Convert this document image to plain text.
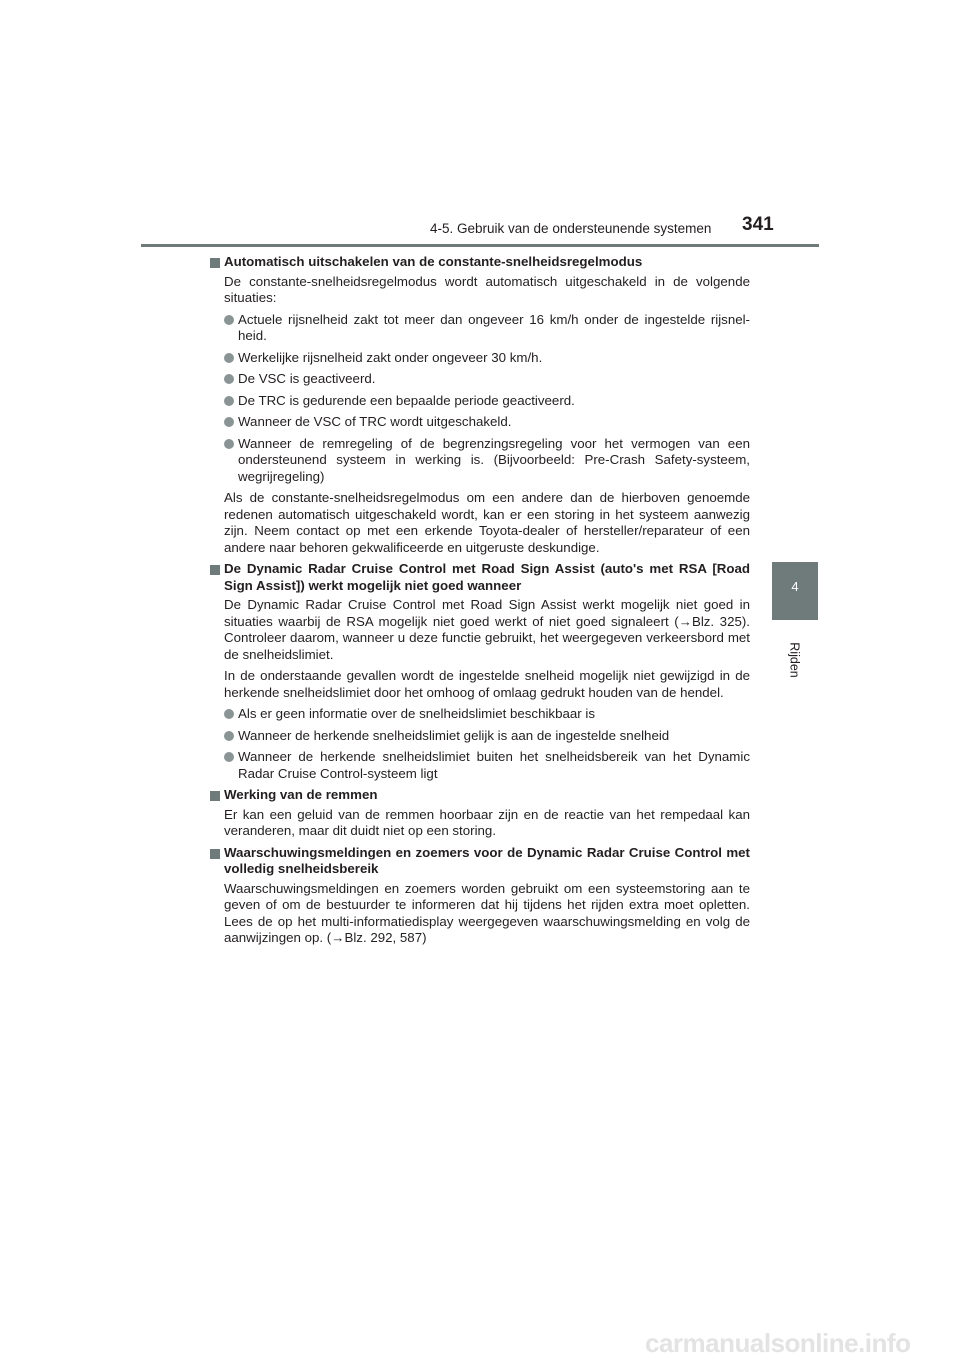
4-5. Gebruik van de ondersteunende systemen 341
4
Rijden
Automatisch uitschakelen van de constante-snelheidsregelmodus
De constante-snelheidsregelmodus wordt automatisch uitgeschakeld in de volgende situaties:
Actuele rijsnelheid zakt tot meer dan ongeveer 16 km/h onder de ingestelde rijsnel-heid.
Werkelijke rijsnelheid zakt onder ongeveer 30 km/h.
De VSC is geactiveerd.
De TRC is gedurende een bepaalde periode geactiveerd.
Wanneer de VSC of TRC wordt uitgeschakeld.
Wanneer de remregeling of de begrenzingsregeling voor het vermogen van een ondersteunend systeem in werking is. (Bijvoorbeeld: Pre-Crash Safety-systeem, wegrijregeling)
Als de constante-snelheidsregelmodus om een andere dan de hierboven genoemde redenen automatisch uitgeschakeld wordt, kan er een storing in het systeem aanwezig zijn. Neem contact op met een erkende Toyota-dealer of hersteller/reparateur of een andere naar behoren gekwalificeerde en uitgeruste deskundige.
De Dynamic Radar Cruise Control met Road Sign Assist (auto's met RSA [Road Sign Assist]) werkt mogelijk niet goed wanneer
De Dynamic Radar Cruise Control met Road Sign Assist werkt mogelijk niet goed in situaties waarbij de RSA mogelijk niet goed werkt of niet goed signaleert (→Blz. 325). Controleer daarom, wanneer u deze functie gebruikt, het weergegeven verkeersbord met de snelheidslimiet.
In de onderstaande gevallen wordt de ingestelde snelheid mogelijk niet gewijzigd in de herkende snelheidslimiet door het omhoog of omlaag gedrukt houden van de hendel.
Als er geen informatie over de snelheidslimiet beschikbaar is
Wanneer de herkende snelheidslimiet gelijk is aan de ingestelde snelheid
Wanneer de herkende snelheidslimiet buiten het snelheidsbereik van het Dynamic Radar Cruise Control-systeem ligt
Werking van de remmen
Er kan een geluid van de remmen hoorbaar zijn en de reactie van het rempedaal kan veranderen, maar dit duidt niet op een storing.
Waarschuwingsmeldingen en zoemers voor de Dynamic Radar Cruise Control met volledig snelheidsbereik
Waarschuwingsmeldingen en zoemers worden gebruikt om een systeemstoring aan te geven of om de bestuurder te informeren dat hij tijdens het rijden extra moet opletten. Lees de op het multi-informatiedisplay weergegeven waarschuwingsmelding en volg de aanwijzingen op. (→Blz. 292, 587)
carmanualsonline.info
